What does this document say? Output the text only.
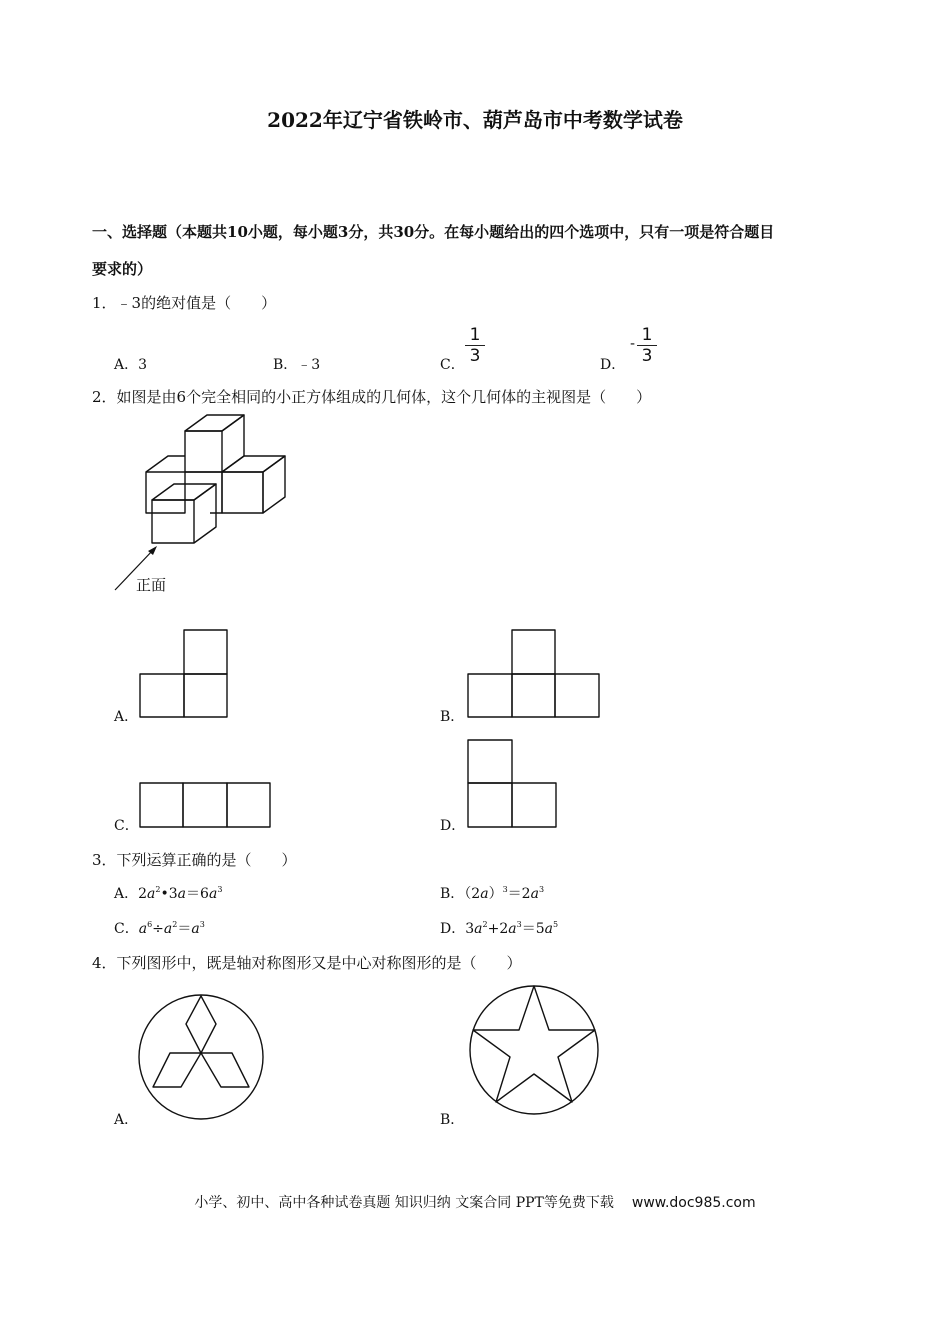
2022年辽宁省铁岭市、葫芦岛市中考数学试卷
一、选择题（本题共10小题，每小题3分，共30分。在每小题给出的四个选项中，只有一项是符合题目
要求的）
1．﹣3的绝对值是（　　）
A．3	B．﹣3	C．
1
3	D．
- 1
3
2．如图是由6个完全相同的小正方体组成的几何体，这个几何体的主视图是（　　）
正面
A．	B．
C．	D．
3．下列运算正确的是（　　）
A．$2a^2•3a=6a^3$	B．$(2a)^3=2a^3$
C．$a^6\div a^2=a^3$	D．$3a^2+2a^3=5a^5$
4．下列图形中，既是轴对称图形又是中心对称图形的是（　　）
A．	B．
小学、初中、高中各种试卷真题 知识归纳 文案合同 PPT等免费下载 www.doc985.com
